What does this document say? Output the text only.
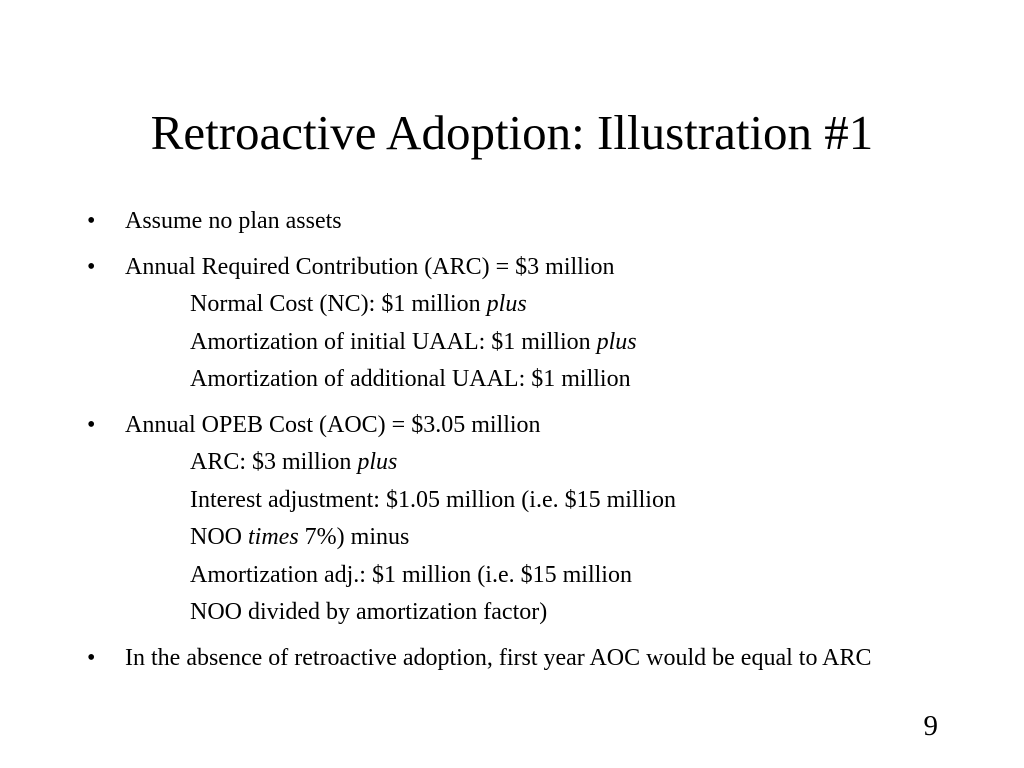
Retroactive Adoption: Illustration #1
• Assume no plan assets
• Annual Required Contribution (ARC) = $3 million
Normal Cost (NC): $1 million plus
Amortization of initial UAAL: $1 million plus
Amortization of additional UAAL: $1 million
• Annual OPEB Cost (AOC) = $3.05 million
ARC: $3 million plus
Interest adjustment: $1.05 million (i.e. $15 million
NOO times 7%) minus
Amortization adj.: $1 million (i.e. $15 million
NOO divided by amortization factor)
• In the absence of retroactive adoption, first year AOC would be equal to ARC
9
